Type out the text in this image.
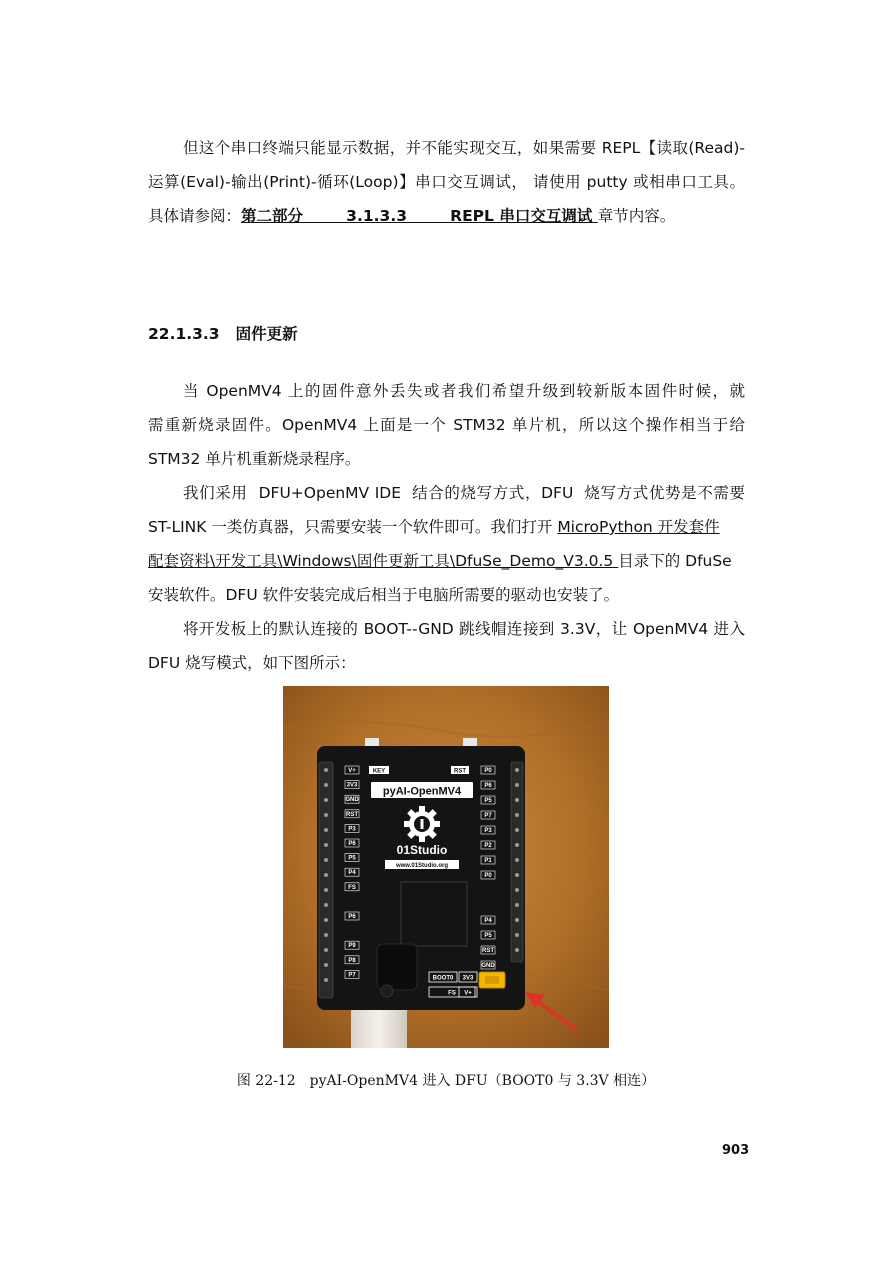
但这个串口终端只能显示数据，并不能实现交互，如果需要 REPL【读取(Read)-
运算(Eval)-输出(Print)-循环(Loop)】串口交互调试， 请使用 putty 或相串口工具。
具体请参阅：第二部分        3.1.3.3        REPL 串口交互调试 章节内容。
22.1.3.3 固件更新
当 OpenMV4 上的固件意外丢失或者我们希望升级到较新版本固件时候，就
需重新烧录固件。OpenMV4 上面是一个 STM32 单片机，所以这个操作相当于给
STM32 单片机重新烧录程序。
我们采用  DFU+OpenMV IDE  结合的烧写方式，DFU  烧写方式优势是不需要
ST-LINK 一类仿真器，只需要安装一个软件即可。我们打开 MicroPython 开发套件
配套资料\开发工具\Windows\固件更新工具\DfuSe_Demo_V3.0.5 目录下的 DfuSe
安装软件。DFU 软件安装完成后相当于电脑所需要的驱动也安装了。
将开发板上的默认连接的 BOOT--GND 跳线帽连接到 3.3V，让 OpenMV4 进入
DFU 烧写模式，如下图所示：
V+
3V3
GND
RST
P3
P6
P5
P4
FS
P6
P9
P8
P7
P0
P6
P5
P7
P3
P2
P1
P0
P4
P5
RST
GND
KEY	RST
pyAI-OpenMV4
01Studio
www.01Studio.org
BOOT0 3V3
FS V+
图 22-12 pyAI-OpenMV4 进入 DFU（BOOT0 与 3.3V 相连）
903
